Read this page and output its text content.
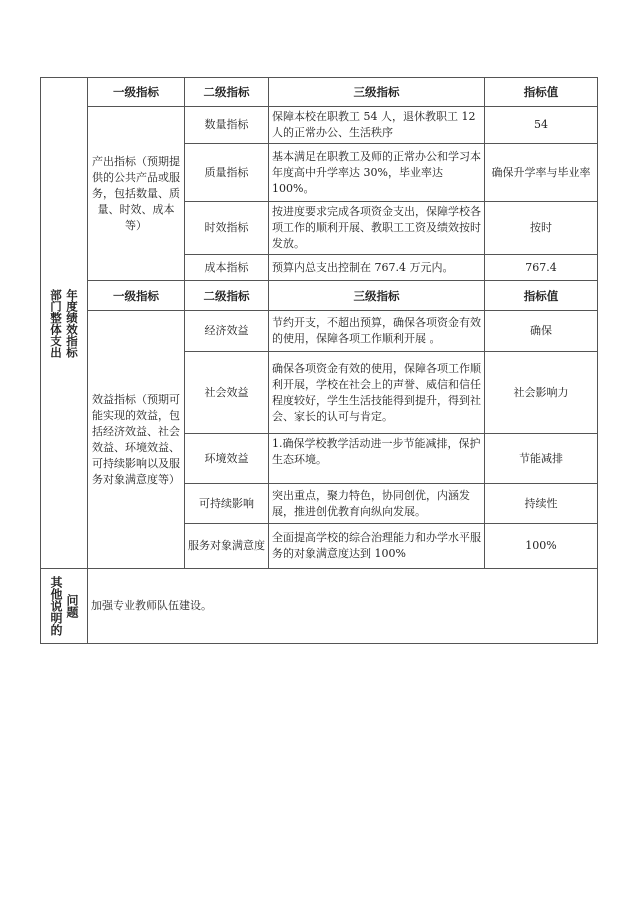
部门整体支出 年度绩效指标	一级指标	二级指标	三级指标	指标值
	产出指标（预期提供的公共产品或服务，包括数量、质量、时效、成本等）	数量指标	保障本校在职教工 54 人，退休教职工 12 人的正常办公、生活秩序	54
		质量指标	基本满足在职教工及师的正常办公和学习本年度高中升学率达 30%，毕业率达 100%。	确保升学率与毕业率
		时效指标	按进度要求完成各项资金支出，保障学校各项工作的顺利开展、教职工工资及绩效按时发放。	按时
		成本指标	预算内总支出控制在 767.4 万元内。	767.4
	一级指标	二级指标	三级指标	指标值
	效益指标（预期可能实现的效益，包括经济效益、社会效益、环境效益、可持续影响以及服务对象满意度等）	经济效益	节约开支，不超出预算，确保各项资金有效的使用，保障各项工作顺利开展 。	确保
		社会效益	确保各项资金有效的使用，保障各项工作顺利开展，学校在社会上的声誉、威信和信任程度较好，学生生活技能得到提升，得到社会、家长的认可与肯定。	社会影响力
		环境效益	1.确保学校教学活动进一步节能减排，保护生态环境。	节能减排
		可持续影响	突出重点，聚力特色，协同创优，内涵发展，推进创优教育向纵向发展。	持续性
		服务对象满意度	全面提高学校的综合治理能力和办学水平服务的对象满意度达到 100%	100%
其他说明的 问题	加强专业教师队伍建设。			
